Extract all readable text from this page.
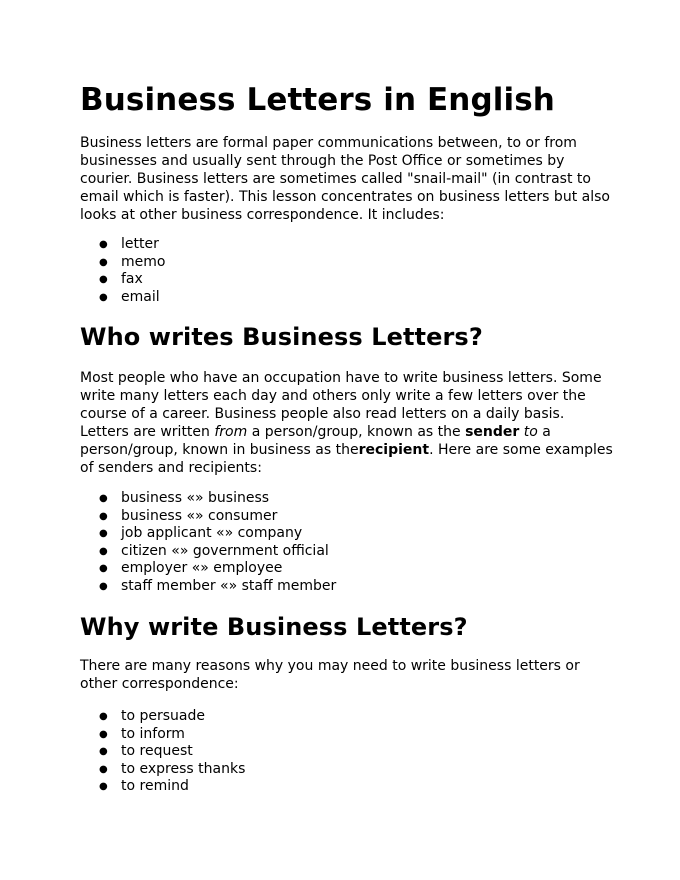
Business Letters in English

Business letters are formal paper communications between, to or from businesses and usually sent through the Post Office or sometimes by courier. Business letters are sometimes called "snail-mail" (in contrast to email which is faster). This lesson concentrates on business letters but also looks at other business correspondence. It includes:

● letter
● memo
● fax
● email
Who writes Business Letters?

Most people who have an occupation have to write business letters. Some write many letters each day and others only write a few letters over the course of a career. Business people also read letters on a daily basis. Letters are written from a person/group, known as the sender to a person/group, known in business as therecipient. Here are some examples of senders and recipients:

● business «» business
● business «» consumer
● job applicant «» company
● citizen «» government official
● employer «» employee
● staff member «» staff member
Why write Business Letters?

There are many reasons why you may need to write business letters or other correspondence:

● to persuade
● to inform
● to request
● to express thanks
● to remind
